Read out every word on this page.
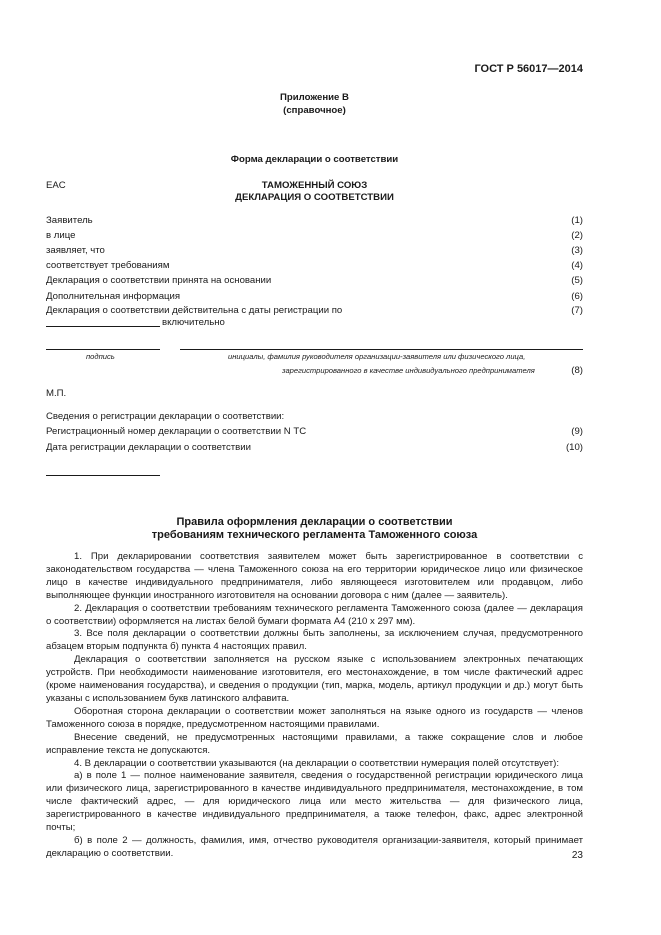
ГОСТ Р 56017—2014
Приложение В
(справочное)
Форма декларации о соответствии
EAC	ТАМОЖЕННЫЙ СОЮЗ
ДЕКЛАРАЦИЯ О СООТВЕТСТВИИ
Заявитель	(1)
в лице	(2)
заявляет, что	(3)
соответствует требованиям	(4)
Декларация о соответствии принята на основании	(5)
Дополнительная информация	(6)
Декларация о соответствии действительна с даты регистрации по	(7)
включительно
подпись	инициалы, фамилия руководителя организации-заявителя или физического лица,
зарегистрированного в качестве индивидуального предпринимателя	(8)
М.П.
Сведения о регистрации декларации о соответствии:
Регистрационный номер декларации о соответствии N ТС	(9)
Дата регистрации декларации о соответствии	(10)
Правила оформления декларации о соответствии
требованиям технического регламента Таможенного союза

1. При декларировании соответствия заявителем может быть зарегистрированное в соответствии с законодательством государства — члена Таможенного союза на его территории юридическое лицо или физическое лицо в качестве индивидуального предпринимателя, либо являющееся изготовителем или продавцом, либо выполняющее функции иностранного изготовителя на основании договора с ним (далее — заявитель).

2. Декларация о соответствии требованиям технического регламента Таможенного союза (далее — декларация о соответствии) оформляется на листах белой бумаги формата А4 (210 х 297 мм).

3. Все поля декларации о соответствии должны быть заполнены, за исключением случая, предусмотренного абзацем вторым подпункта б) пункта 4 настоящих правил.

Декларация о соответствии заполняется на русском языке с использованием электронных печатающих устройств. При необходимости наименование изготовителя, его местонахождение, в том числе фактический адрес (кроме наименования государства), и сведения о продукции (тип, марка, модель, артикул продукции и др.) могут быть указаны с использованием букв латинского алфавита.

Оборотная сторона декларации о соответствии может заполняться на языке одного из государств — членов Таможенного союза в порядке, предусмотренном настоящими правилами.

Внесение сведений, не предусмотренных настоящими правилами, а также сокращение слов и любое исправление текста не допускаются.

4. В декларации о соответствии указываются (на декларации о соответствии нумерация полей отсутствует):

а) в поле 1 — полное наименование заявителя, сведения о государственной регистрации юридического лица или физического лица, зарегистрированного в качестве индивидуального предпринимателя, местонахождение, в том числе фактический адрес, — для юридического лица или место жительства — для физического лица, зарегистрированного в качестве индивидуального предпринимателя, а также телефон, факс, адрес электронной почты;

б) в поле 2 — должность, фамилия, имя, отчество руководителя организации-заявителя, который принимает декларацию о соответствии.	23
